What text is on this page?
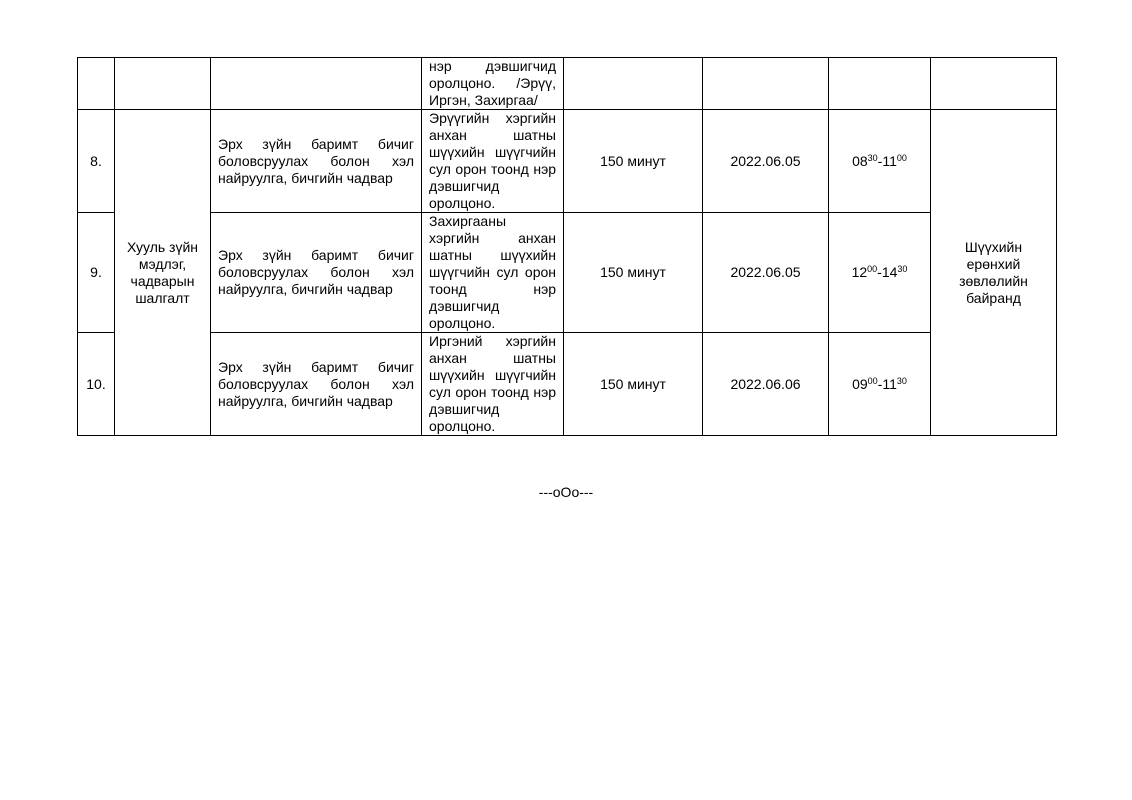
			нэр дэвшигчид оролцоно. /Эрүү, Иргэн, Захиргаа/				
8.	Хууль зүйн мэдлэг, чадварын шалгалт	Эрх зүйн баримт бичиг боловсруулах болон хэл найруулга, бичгийн чадвар	Эрүүгийн хэргийн анхан шатны шүүхийн шүүгчийн сул орон тоонд нэр дэвшигчид оролцоно.	150 минут	2022.06.05	$08^{30}-11^{00}$	Шүүхийн ерөнхий зөвлөлийн байранд
9.		Эрх зүйн баримт бичиг боловсруулах болон хэл найруулга, бичгийн чадвар	Захиргааны хэргийн анхан шатны шүүхийн шүүгчийн сул орон тоонд нэр дэвшигчид оролцоно.	150 минут	2022.06.05	$12^{00}-14^{30}$
10.		Эрх зүйн баримт бичиг боловсруулах болон хэл найруулга, бичгийн чадвар	Иргэний хэргийн анхан шатны шүүхийн шүүгчийн сул орон тоонд нэр дэвшигчид оролцоно.	150 минут	2022.06.06	$09^{00}-11^{30}$
---oOo---
